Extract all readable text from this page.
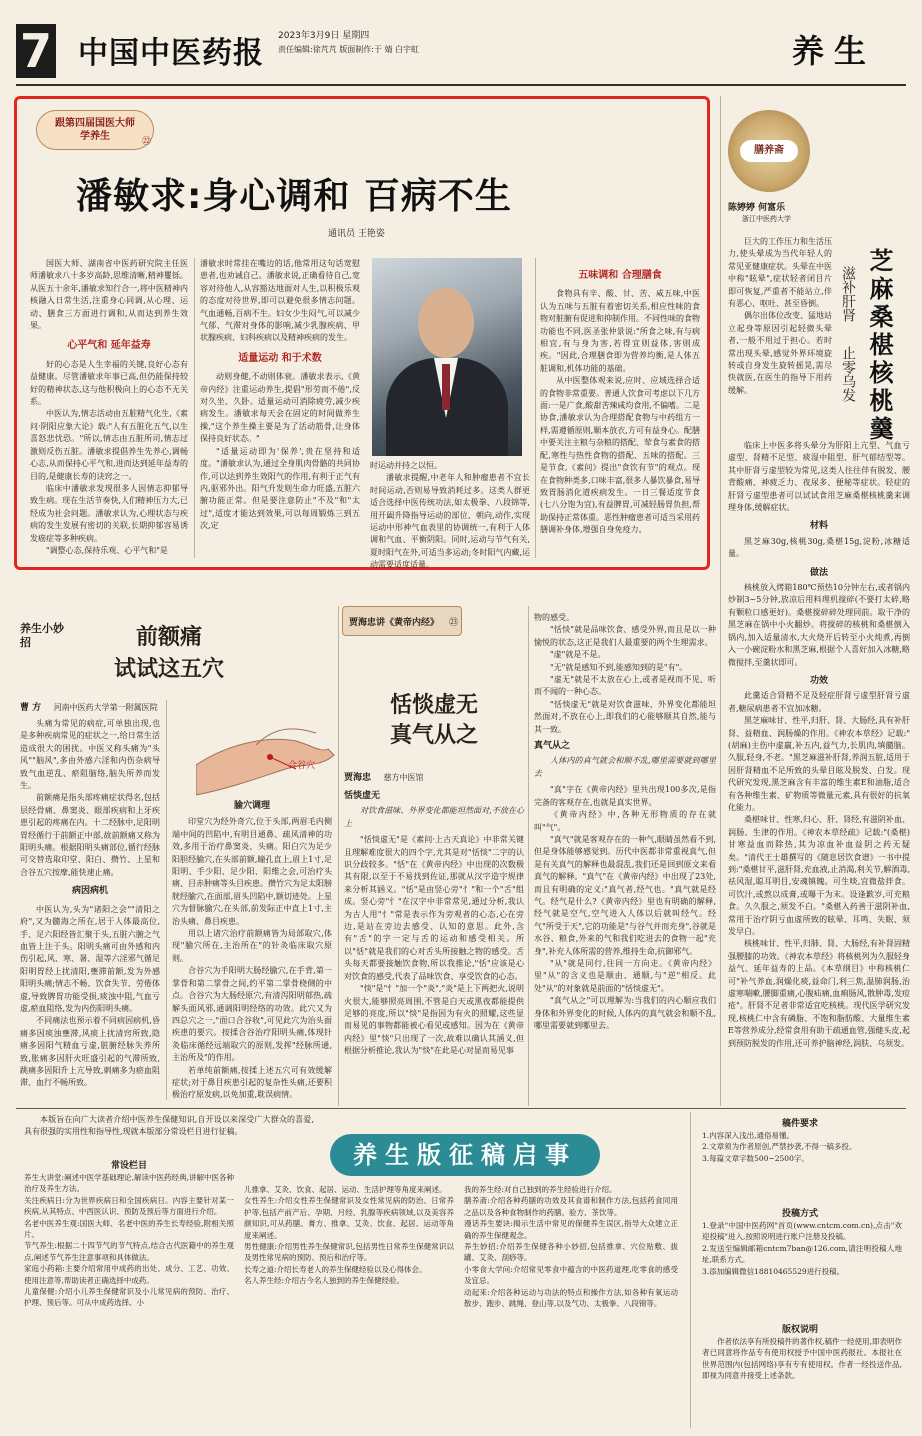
7 中国中医药报 2023年3月9日 星期四
责任编辑:徐芃芃 版面制作:于 婧 白宇虹	养生
跟第四届国医大师学养生	㉒
潘敏求:身心调和 百病不生
通讯员 王艳姿

国医大师、湖南省中医药研究院主任医师潘敏求八十多岁高龄,思维清晰,精神矍铄。从医五十余年,潘敏求知行合一,将中医精神内核融入日常生活,注重身心同调,从心理、运动、膳食三方面进行调和,从而达到养生效果。

心平气和 延年益寿

好的心态是人生幸福的关键,良好心态有益健康。尽管潘敏求年事已高,但仍能保持较好的精神状态,这与他积极向上的心态不无关系。

中医认为,情志活动由五脏精气化生,《素问·阴阳应象大论》载:"人有五脏化五气,以生喜怒悲忧恐。"所以,情志由五脏所司,情志过激则反伤五脏。潘敏求提倡养生先养心,调畅心志,从而保持心平气和,进而达到延年益寿的目的,是健康长寿的诀窍之一。

临床中潘敏求发现很多人因情志抑郁导致生病。现在生活节奏快,人们精神压力大,已经成为社会问题。潘敏求认为,心理状态与疾病的发生发展有密切的关联,长期抑郁容易诱发癌症等多种疾病。

"调整心态,保持乐观、心平气和"是

潘敏求时常挂在嘴边的话,他常用这句话宽慰患者,也劝诫自己。潘敏求说,正确看待自己,宽容对待他人,从容豁达地面对人生,以积极乐观的态度对待世界,即可以避免很多情志问题。气血通畅,百病不生。妇女少生闷气,可以减少气郁、气滞对身体的影响,减少乳腺疾病、甲状腺疾病、妇科疾病以及精神疾病的发生。

适量运动 和于术数

动则身健,不动则体衰。潘敏求表示,《黄帝内经》注重运动养生,提倡"形劳而不倦",反对久坐、久卧。适量运动可消除疲劳,减少疾病发生。潘敏求每天会在固定的时间做养生操,"这个养生操主要是为了活动筋骨,让身体保持良好状态。"

"适量运动即为'保养',贵在坚持和适度。"潘敏求认为,通过全身肌肉骨骼的共同协作,可以达到养生效阳气的作用,有利于正气有内,驱邪外出。阳气升发则生命力旺盛,五脏六腑功能正常。但是要注意防止"不及"和"太过",适度才能达到效果,可以每周锻炼三到五次,定

时运动并持之以恒。

潘敏求提醒,中老年人和肿瘤患者不宜长时间运动,否则易导致消耗过多。这类人群更适合选择中医传统功法,如太极拳、八段锦等,用开阖升降指导运动的部位、朝向,动作,实现运动中形神气血表里的协调统一,有利于人体调和气血、平衡阴阳。同时,运动与节气有关,夏时阳气在外,可适当多运动;冬时阳气内藏,运动需要适度适量。

五味调和 合理膳食

食物具有辛、酸、甘、苦、咸五味,中医认为五味与五脏有着密切关系,相应性味的食物对脏腑有促进和抑制作用。不同性味的食物功能也不同,医圣张仲景说:"所食之味,有与病相宜,有与身为害,若得宜则益体,害则成疾。"因此,合理膳食即为营养均衡,是人体五脏调和,机体功能的基础。

从中医整体观来说,应时、应域选择合适的食物非常重要。普通人饮食可考虑以下几方面:一是广食,酸甜苦辣咸均食用,不偏嗜。二是协食,潘敏求认为合理搭配食物与中药组方一样,需遵循原则,顺本放衣,方可有益身心。配膳中要关注主粮与杂粮的搭配、荤食与素食的搭配,寒性与热性食物的搭配、五味的搭配。三是节食,《素问》提出"食饮有节"的观点。现在食物种类多,口味丰富,很多人暴饮暴食,易导致胃肠消化道疾病发生。一日三餐适度节食(七八分饱为宜),有益脾胃,可减轻肠胃负担,帮助保持正常体重。恶性肿瘤患者可适当采用药膳调补身体,增强自身免疫力。

膳养斋
陈婷婷 何富乐
浙江中医药大学

巨大的工作压力和生活压力,使头晕成为当代年轻人的常见亚健康症状。头晕在中医中称"眩晕",症状轻者闭目片即可恢复,严重者不能站立,伴有恶心、呕吐、甚至昏倒。

偶尔出体位改变、猛地站立起身等原因引起轻微头晕者,一般不用过于担心。若时常出现头晕,感觉外界环境旋转或自身发生旋转摇晃,需尽快就医,在医生的指导下用药缓解。	芝麻桑椹核桃羹
滋补肝肾
止零乌发

临床上中医多将头晕分为肝阳上亢型、气血亏虚型、肾精不足型、痰湿中阻型、肝气郁结型等。其中肝肾亏虚型较为常见,这类人往往伴有脱发、腰背酸痛、神疲乏力、夜尿多、便秘等症状。轻症的肝肾亏虚型患者可以试试食用芝麻桑椹核桃羹来调理身体,缓解症状。

材料

黑芝麻30g,核桃30g,桑椹15g,淀粉,冰糖适量。

做法

核桃放入烤箱180℃预热10分钟左右,或者锅内炒制3~5分钟,放凉后用料理机搅碎(不要打太碎,略有颗粒口感更好)。桑椹搅碎碎处理同前。取干净的黑芝麻在锅中小火翻炒。将搅碎的核桃和桑椹倒入锅内,加入适量清水,大火烧开后转至小火炖煮,再倒入一小碗淀粉水和黑芝麻,根据个人喜好加入冰糖,略微搅拌,至羹状即可。

功效

此羹适合肾精不足及轻症肝肾亏虚型肝肾亏虚者,糖尿病患者不宜加冰糖。

黑芝麻味甘、性平,归肝、肾、大肠经,具有补肝肾、益精血、润肠燥的作用。《神农本草经》记载:"(胡麻)主伤中虚羸,补五内,益气力,长肌肉,填髓脑。久服,轻身,不老。"黑芝麻滋补肝肾,养润五脏,适用于因肝肾精血不足所致的头晕目眩及脱发、白发。现代研究发现,黑芝麻含有丰富的维生素E和油脂,适合有各种维生素、矿物质等微量元素,具有很好的抗氧化能力。

桑椹味甘、性寒,归心、肝、肾经,有滋阴补血、润肠、生津的作用。《神农本草经疏》记载:"(桑椹)甘寒益血而除热,其为凉血补血益阴之药无疑矣。"清代王士雄撰写的《随息居饮食谱》一书中提到:"桑椹甘平,滋肝肾,充血液,止消渴,利关节,解酒毒,祛风湿,聪耳明目,安魂镇魄。可生啖,宜微盐拌食。可饮汁,或熬以成膏,或曝干为末。设逢歉岁,可充粮食。久久服之,须发不白。"桑椹入药善于滋阴补血,常用于治疗阴亏血虚所致的眩晕、耳鸣、失眠、须发早白。

核桃味甘、性平,归肺、肾、大肠经,有补肾固精强腰膝的功效。《神农本草经》将核桃列为久服轻身益气、延年益寿的上品。《本草纲目》中称核桃仁可"补气养血,润燥化痰,益命门,利三焦,温肺润肠,治虚寒喘嗽,腰脚重痛,心腹疝痛,血痢肠风,散肿毒,发痘疮"。肝肾不足者非常适宜吃核桃。现代医学研究发现,核桃仁中含有磷脂、不饱和脂肪酸、大量维生素E等营养成分,经常食用有助于疏通血管,强健头皮,起到预防脱发的作用,还可养护脑神经,润肤、乌须发。

养生小妙招	前额痛
试试这五穴
曹 方 河南中医药大学第一附属医院
合谷穴

头痛为常见的病症,可单独出现,也是多种疾病常见的症状之一,给日常生活造成很大的困扰。中医又称头痛为"头风""脑风",多由外感六淫和内伤杂病导致气血逆乱、瘀阻脑络,脑失所养而发生。

前额痛是指头部疼痛症状得名,包括层经骨痛、鼻窦炎、眼部疾病和上牙疾患引起的疼痛在内。十二经脉中,足阳明胃经循行于前额正中部,故前额痛又称为阳明头痛。根据阳明头痛部位,循行经脉可交替选取印堂、阳白、攒竹、上星和合谷五穴按摩,能快速止痛。

病因病机

中医认为,头为"诸阳之会""清阳之府",又为髓海之所在,居于人体最高位,手、足六阳经皆汇聚于头,五脏六腑之气血皆上注于头。阳明头痛可由外感和内伤引起,风、寒、暑、湿等六淫邪气循足阳明胃经上扰清阳,壅滞前额,发为外感阳明头痛;情志不畅、饮食失节、劳倦体虚,导致脾胃功能受损,痰浊中阻,气血亏虚,瘀血阻络,发为内伤阳明头痛。

不同痛法也预示着不同病因病机,昏痛多因痰浊壅滞,风痰上扰清窍所致,隐痛多因阳气精血亏虚,脏腑经脉失养所致,胀痛多因肝火旺盛引起的气滞所致,跳痛多因阳升上亢导致,刺痛多为瘀血阻滞、血行不畅所致。

腧穴调理

印堂穴为经外奇穴,位于头部,两眉毛内侧端中间的凹陷中,有明目通鼻、疏风清神的功效,多用于治疗鼻窦炎、头痛。阳白穴为足少阳胆经腧穴,在头部前额,瞳孔直上,眉上1寸,足阳明、手少阳、足少阳、阳维之会,可治疗头痛、目赤肿痛等头目疾患。攒竹穴为足太阳膀胱经腧穴,在面部,眉头凹陷中,额切迹处。上星穴为督脉腧穴,在头部,前发际正中直上1寸,主治头痛、鼻目疾患。

用以上诸穴治疗前额痛皆为局部取穴,体现"腧穴所在,主治所在"的针灸临床取穴原则。

合谷穴为手阳明大肠经腧穴,在手背,第一掌骨和第二掌骨之间,约平第二掌骨桡侧的中点。合谷穴为大肠经原穴,有清泻阳明郁热,疏解头面风邪,通调阳明经络的功效。此穴又为四总穴之一,"面口合谷收",可见此穴为治头面疾患的要穴。按揉合谷治疗阳明头痛,体现针灸临床循经远端取穴的原则,发挥"经脉所通,主治所及"的作用。

若单纯前额痛,按揉上述五穴可有效缓解症状;对于鼻目疾患引起的复杂性头痛,还要积极治疗原发病,以免加重,耽误病情。

贾海忠讲《黄帝内经》 ㉓
恬惔虚无
真气从之
贾海忠 慈方中医馆

恬惔虚无

对饮食滋味、外界变化都能坦然面对,不放在心上

"恬惔虚无"是《素问·上古天真论》中非常关键且理解难度很大的四个字,尤其是对"恬惔"二字的认识分歧较多。"恬"在《黄帝内经》中出现的次数极其有限,以至于不易找到佐证,那就从汉字造字规律来分析其涵义。"恬"是由竖心旁"忄"和一个"舌"组成。竖心旁"忄"在汉字中非常常见,通过分析,我认为古人用"忄"常是表示作为旁观者的心态,心在旁边,是站在旁边去感受、认知的意思。此外,含有"舌"的字一定与舌的运动和感受相关。所以"恬"就是我们的心对舌头所接触之物的感受。舌头每天都要接触饮食物,所以我推论,"恬"应该是心对饮食的感受,代表了品味饮食、享受饮食的心态。

"惔"是"忄"加一个"炎","炎"是上下两把火,说明火很大,能够照亮周围,不管是白天或黑夜都能提供足够的亮度,所以"惔"是指因为有火的照耀,这些显而易见的事物都能被心看见或感知。因为在《黄帝内经》里"惔"只出现了一次,故难以确认其涵义,但根据分析推论,我认为"惔"在此是心对显而易见事

物的感受。

"恬惔"就是品味饮食、感受外界,而且是以一种愉悦的状态,这正是我们人最重要的两个生理需求。

"虚"就是不是。

"无"就是感知不到,能感知到的是"有"。

"虚无"就是不太放在心上,或者是视而不见、听而不闻的一种心态。

"恬惔虚无"就是对饮食滋味、外界变化都能坦然面对,不放在心上,即我们的心能够顺其自然,能与其一致。

真气从之

人体内的真气就会和顺不乱,哪里需要就到哪里去

"真"字在《黄帝内经》里共出现100多次,是指完备的客观存在,也就是真实世界。

《黄帝内经》中,各种无形物质的存在就叫"气"。

"真气"就是客观存在的一种气,眼睛虽然看不到,但是身体能够感觉到。历代中医都非常重视真气,但是有关真气的解释也最混乱,我们还是回到原文来看真气的解释。"真气"在《黄帝内经》中出现了23处,而且有明确的定义:"真气者,经气也。"真气就是经气。经气是什么?《黄帝内经》里也有明确的解释,经气就是空气,空气进入人体以后就叫经气。经气"所受于天",它的功能是"与谷气并而充身",谷就是水谷、粮食,外来的气和我们吃进去的食物一起"充身",补充人体所需的营养,维持生命,抗御邪气。

"从"就是同行,往同一方向走。《黄帝内经》里"从"的含义也是顺由、通顺,与"逆"相反。此处"从"的对象就是前面的"恬惔虚无"。

"真气从之"可以理解为:当我们的内心顺应我们身体和外界变化的时候,人体内的真气就会和顺不乱,哪里需要就到哪里去。

本版旨在向广大读者介绍中医养生保健知识,自开设以来深受广大群众的喜爱,具有很强的实用性和指导性,现就本版部分常设栏目进行征稿。
养生版征稿启事
常设栏目
养生大讲堂:阐述中医学基础理论,解读中医药经典,讲解中医各种治疗及养生方法。
关注疾病日:分为世界疾病日和全国疾病日。内容主要针对某一疾病,从其特点、中西医认识、预防及预后等方面进行介绍。
名老中医养生观:国医大师、名老中医的养生长寿经验,附相关照片。
节气养生:根据二十四节气的节气特点,结合古代医籍中的养生观点,阐述节气养生注意事项和具体做法。
家庭小药箱:主要介绍常用中成药的出处、成分、工艺、功效、使用注意等,帮助读者正确选择中成药。
儿童保健:介绍小儿养生保健常识及小儿常见病的预防、治疗、护理、预后等。可从中成药选择、小
儿推拿、艾灸、饮食、起居、运动、生活护理等角度来阐述。
女性养生:介绍女性养生保健常识及女性常见病的防治、日常养护等,包括产前产后、孕期、月经、乳腺等疾病领域,以及美容养颜知识,可从药膳、膏方、推拿、艾灸、饮食、起居、运动等角度来阐述。
男性健康:介绍男性养生保健常识,包括男性日常养生保健常识以及男性常见病的预防、预后和治疗等。
长寿之道:介绍长寿老人的养生保健经验以及心得体会。
名人养生经:介绍古今名人独到的养生保健经验。
我的养生经:对自己独到的养生经验进行介绍。
膳养斋:介绍各种药膳的功效及其食谱和制作方法,包括药食同用之品以及各种食物制作的药膳、验方、茶饮等。
漫话养生要诀:揭示生活中常见的保健养生误区,指导大众建立正确的养生保健观念。
养生妙招:介绍养生保健各种小妙招,包括推拿、穴位贴敷、拔罐、艾灸、刮痧等。
小零食大学问:介绍常见零食中蕴含的中医药道理,吃零食的感受及宜忌。
动起来:介绍各种运动与功法的特点和操作方法,如各种有氧运动散步、跑步、跳绳、登山等,以及气功、太极拳、八段锦等。
稿件要求
1.内容深入浅出,通俗易懂。
2.文章须为作者原创,严禁抄袭,不得一稿多投。
3.每篇文章字数500~2500字。
投稿方式
1.登录"中国中医药网"首页(www.cntcm.com.cn),点击"欢迎投稿"进入,按照说明进行账户注册及投稿。
2.发送至编辑邮箱cntcm7ban@126.com,请注明投稿人地址,联系方式。
3.添加编辑微信18810465529进行投稿。
版权说明
作者依法享有所投稿件的著作权,稿件一经使用,即表明作者已同意将作品专有使用权授予中国中医药报社。本报社在世界范围内(包括网络)享有专有使用权。作者一经投送作品,即视为同意并接受上述条款。
